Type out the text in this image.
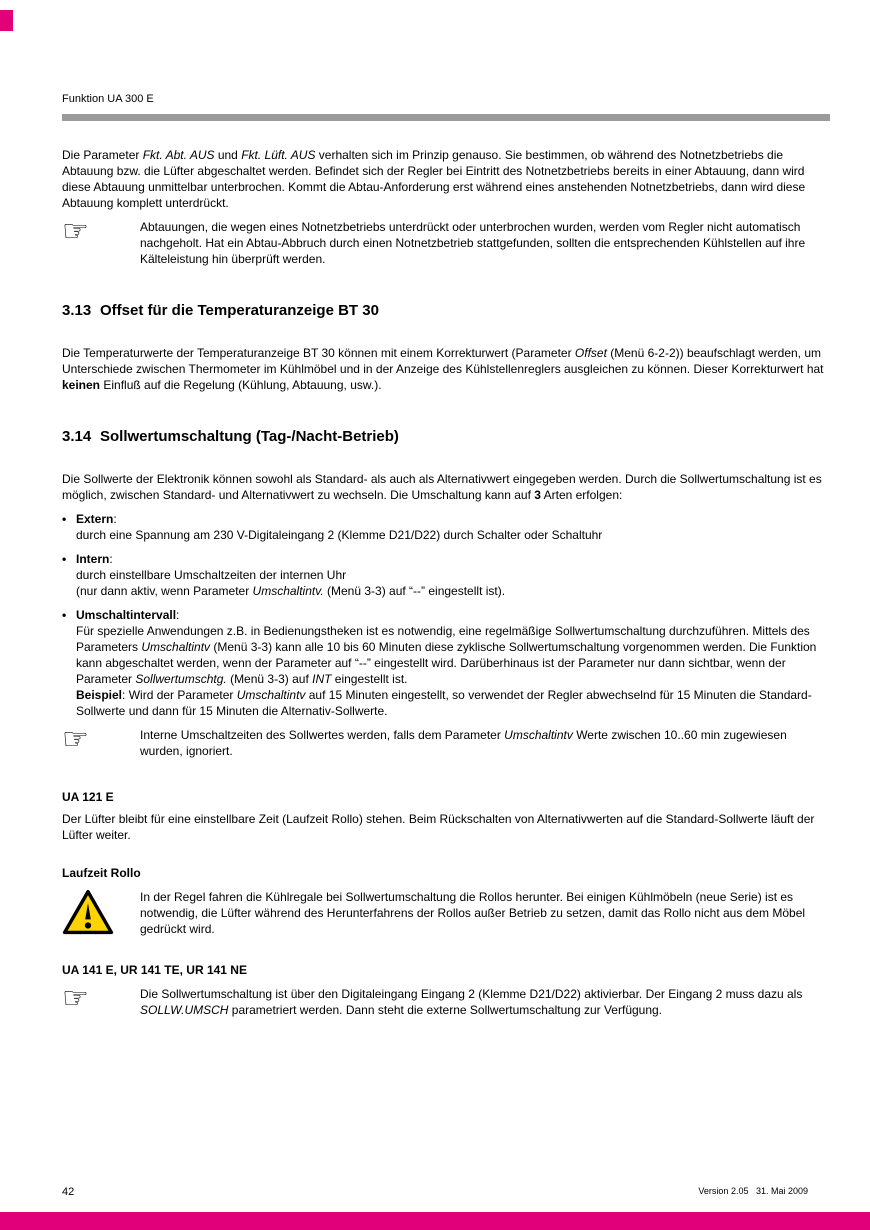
Funktion UA 300 E

Die Parameter Fkt. Abt. AUS und Fkt. Lüft. AUS verhalten sich im Prinzip genauso. Sie bestimmen, ob während des Notnetzbetriebs die Abtauung bzw. die Lüfter abgeschaltet werden. Befindet sich der Regler bei Eintritt des Notnetzbetriebs bereits in einer Abtauung, dann wird diese Abtauung unmittelbar unterbrochen. Kommt die Abtau-Anforderung erst während eines anstehenden Notnetzbetriebs, dann wird diese Abtauung komplett unterdrückt.

☞	Abtauungen, die wegen eines Notnetzbetriebs unterdrückt oder unterbrochen wurden, werden vom Regler nicht automatisch nachgeholt. Hat ein Abtau-Abbruch durch einen Notnetzbetrieb stattgefunden, sollten die entsprechenden Kühlstellen auf ihre Kälteleistung hin überprüft werden.
3.13 Offset für die Temperaturanzeige BT 30

Die Temperaturwerte der Temperaturanzeige BT 30 können mit einem Korrekturwert (Parameter Offset (Menü 6-2-2)) beaufschlagt werden, um Unterschiede zwischen Thermometer im Kühlmöbel und in der Anzeige des Kühlstellenreglers ausgleichen zu können. Dieser Korrekturwert hat keinen Einfluß auf die Regelung (Kühlung, Abtauung, usw.).

3.14 Sollwertumschaltung (Tag-/Nacht-Betrieb)

Die Sollwerte der Elektronik können sowohl als Standard- als auch als Alternativwert eingegeben werden. Durch die Sollwertumschaltung ist es möglich, zwischen Standard- und Alternativwert zu wechseln. Die Umschaltung kann auf 3 Arten erfolgen:

• Extern:
durch eine Spannung am 230 V-Digitaleingang 2 (Klemme D21/D22) durch Schalter oder Schaltuhr
• Intern:
durch einstellbare Umschaltzeiten der internen Uhr
(nur dann aktiv, wenn Parameter Umschaltintv. (Menü 3-3) auf “--” eingestellt ist).
• Umschaltintervall:
Für spezielle Anwendungen z.B. in Bedienungstheken ist es notwendig, eine regelmäßige Sollwertumschaltung durchzuführen. Mittels des Parameters Umschaltintv (Menü 3-3) kann alle 10 bis 60 Minuten diese zyklische Sollwertumschaltung vorgenommen werden. Die Funktion kann abgeschaltet werden, wenn der Parameter auf “--” eingestellt wird. Darüberhinaus ist der Parameter nur dann sichtbar, wenn der Parameter Sollwertumschtg. (Menü 3-3) auf INT eingestellt ist.
Beispiel: Wird der Parameter Umschaltintv auf 15 Minuten eingestellt, so verwendet der Regler abwechselnd für 15 Minuten die Standard-Sollwerte und dann für 15 Minuten die Alternativ-Sollwerte.
☞	Interne Umschaltzeiten des Sollwertes werden, falls dem Parameter Umschaltintv Werte zwischen 10..60 min zugewiesen wurden, ignoriert.
UA 121 E

Der Lüfter bleibt für eine einstellbare Zeit (Laufzeit Rollo) stehen. Beim Rückschalten von Alternativwerten auf die Standard-Sollwerte läuft der Lüfter weiter.

Laufzeit Rollo
In der Regel fahren die Kühlregale bei Sollwertumschaltung die Rollos herunter. Bei einigen Kühlmöbeln (neue Serie) ist es notwendig, die Lüfter während des Herunterfahrens der Rollos außer Betrieb zu setzen, damit das Rollo nicht aus dem Möbel gedrückt wird.
UA 141 E, UR 141 TE, UR 141 NE
☞	Die Sollwertumschaltung ist über den Digitaleingang Eingang 2 (Klemme D21/D22) aktivierbar. Der Eingang 2 muss dazu als SOLLW.UMSCH parametriert werden. Dann steht die externe Sollwertumschaltung zur Verfügung.
42	Version 2.05   31. Mai 2009
